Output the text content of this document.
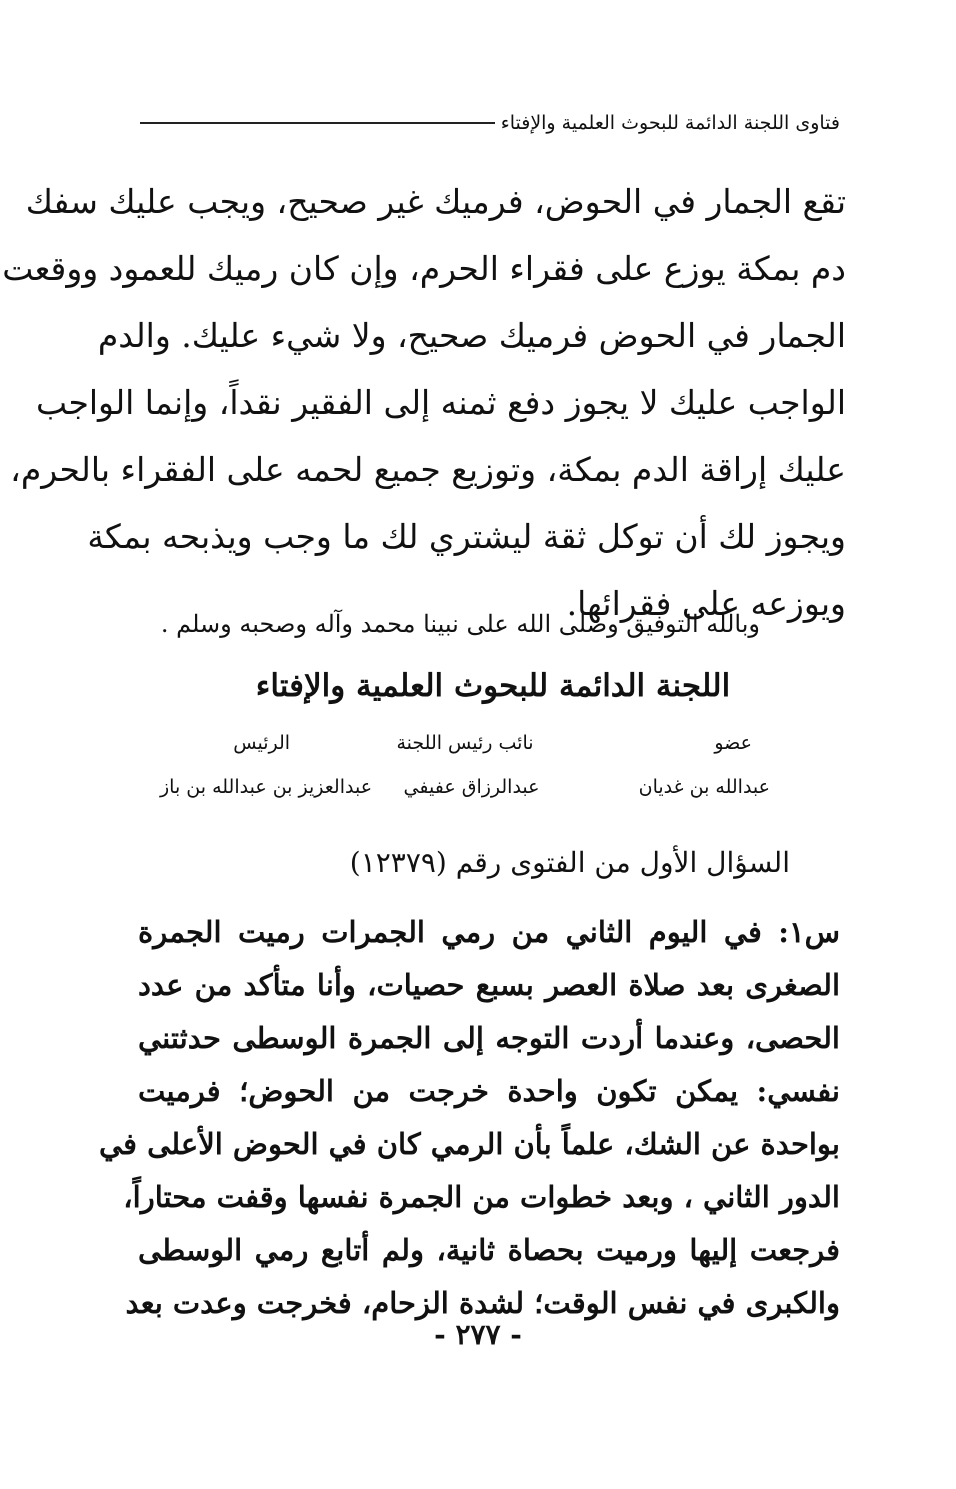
فتاوى اللجنة الدائمة للبحوث العلمية والإفتاء
تقع الجمار في الحوض، فرميك غير صحيح، ويجب عليك سفك
دم بمكة يوزع على فقراء الحرم، وإن كان رميك للعمود ووقعت
الجمار في الحوض فرميك صحيح، ولا شيء عليك. والدم
الواجب عليك لا يجوز دفع ثمنه إلى الفقير نقداً، وإنما الواجب
عليك إراقة الدم بمكة، وتوزيع جميع لحمه على الفقراء بالحرم،
ويجوز لك أن توكل ثقة ليشتري لك ما وجب ويذبحه بمكة
ويوزعه على فقرائها.
وبالله التوفيق وصلى الله على نبينا محمد وآله وصحبه وسلم .
اللجنة الدائمة للبحوث العلمية والإفتاء
عضو
نائب رئيس اللجنة
الرئيس
عبدالله بن غديان
عبدالرزاق عفيفي
عبدالعزيز بن عبدالله بن باز
السؤال الأول من الفتوى رقم (١٢٣٧٩)
س١: في اليوم الثاني من رمي الجمرات رميت الجمرة
الصغرى بعد صلاة العصر بسبع حصيات، وأنا متأكد من عدد
الحصى، وعندما أردت التوجه إلى الجمرة الوسطى حدثتني
نفسي: يمكن تكون واحدة خرجت من الحوض؛ فرميت
بواحدة عن الشك، علماً بأن الرمي كان في الحوض الأعلى في
الدور الثاني ، وبعد خطوات من الجمرة نفسها وقفت محتاراً،
فرجعت إليها ورميت بحصاة ثانية، ولم أتابع رمي الوسطى
والكبرى في نفس الوقت؛ لشدة الزحام، فخرجت وعدت بعد
- ٢٧٧ -
